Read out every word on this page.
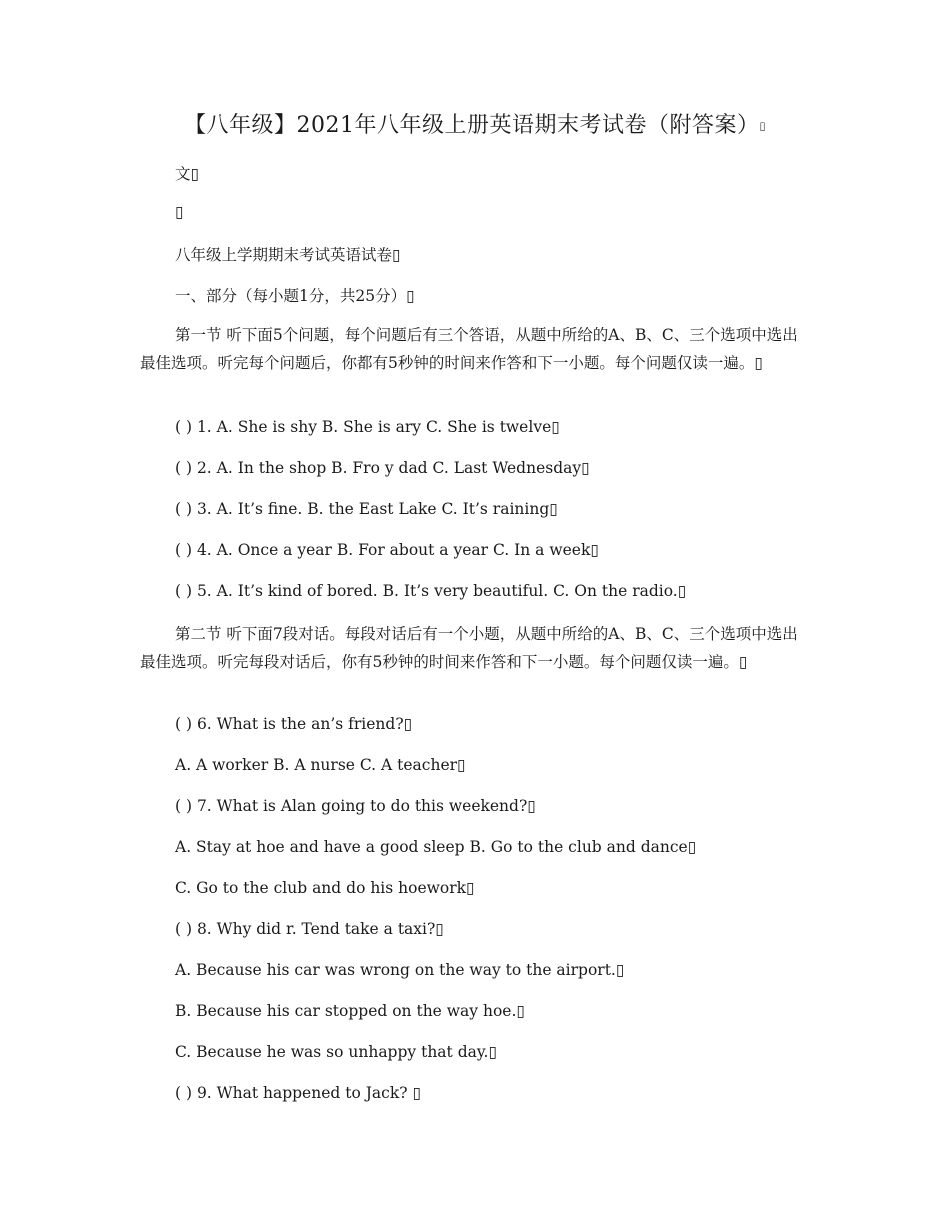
【八年级】2021年八年级上册英语期末考试卷（附答案）▯
文▯
▯
八年级上学期期末考试英语试卷▯
一、部分（每小题1分，共25分）▯
第一节 听下面5个问题，每个问题后有三个答语，从题中所给的A、B、C、三个选项中选出最佳选项。听完每个问题后，你都有5秒钟的时间来作答和下一小题。每个问题仅读一遍。▯
( ) 1. A. She is shy B. She is ary C. She is twelve▯
( ) 2. A. In the shop B. Fro y dad C. Last Wednesday▯
( ) 3. A. It’s fine. B. the East Lake C. It’s raining▯
( ) 4. A. Once a year B. For about a year C. In a week▯
( ) 5. A. It’s kind of bored. B. It’s very beautiful. C. On the radio.▯
第二节 听下面7段对话。每段对话后有一个小题，从题中所给的A、B、C、三个选项中选出最佳选项。听完每段对话后，你有5秒钟的时间来作答和下一小题。每个问题仅读一遍。▯
( ) 6. What is the an’s friend?▯
A. A worker B. A nurse C. A teacher▯
( ) 7. What is Alan going to do this weekend?▯
A. Stay at hoe and have a good sleep B. Go to the club and dance▯
C. Go to the club and do his hoework▯
( ) 8. Why did r. Tend take a taxi?▯
A. Because his car was wrong on the way to the airport.▯
B. Because his car stopped on the way hoe.▯
C. Because he was so unhappy that day.▯
( ) 9. What happened to Jack? ▯
